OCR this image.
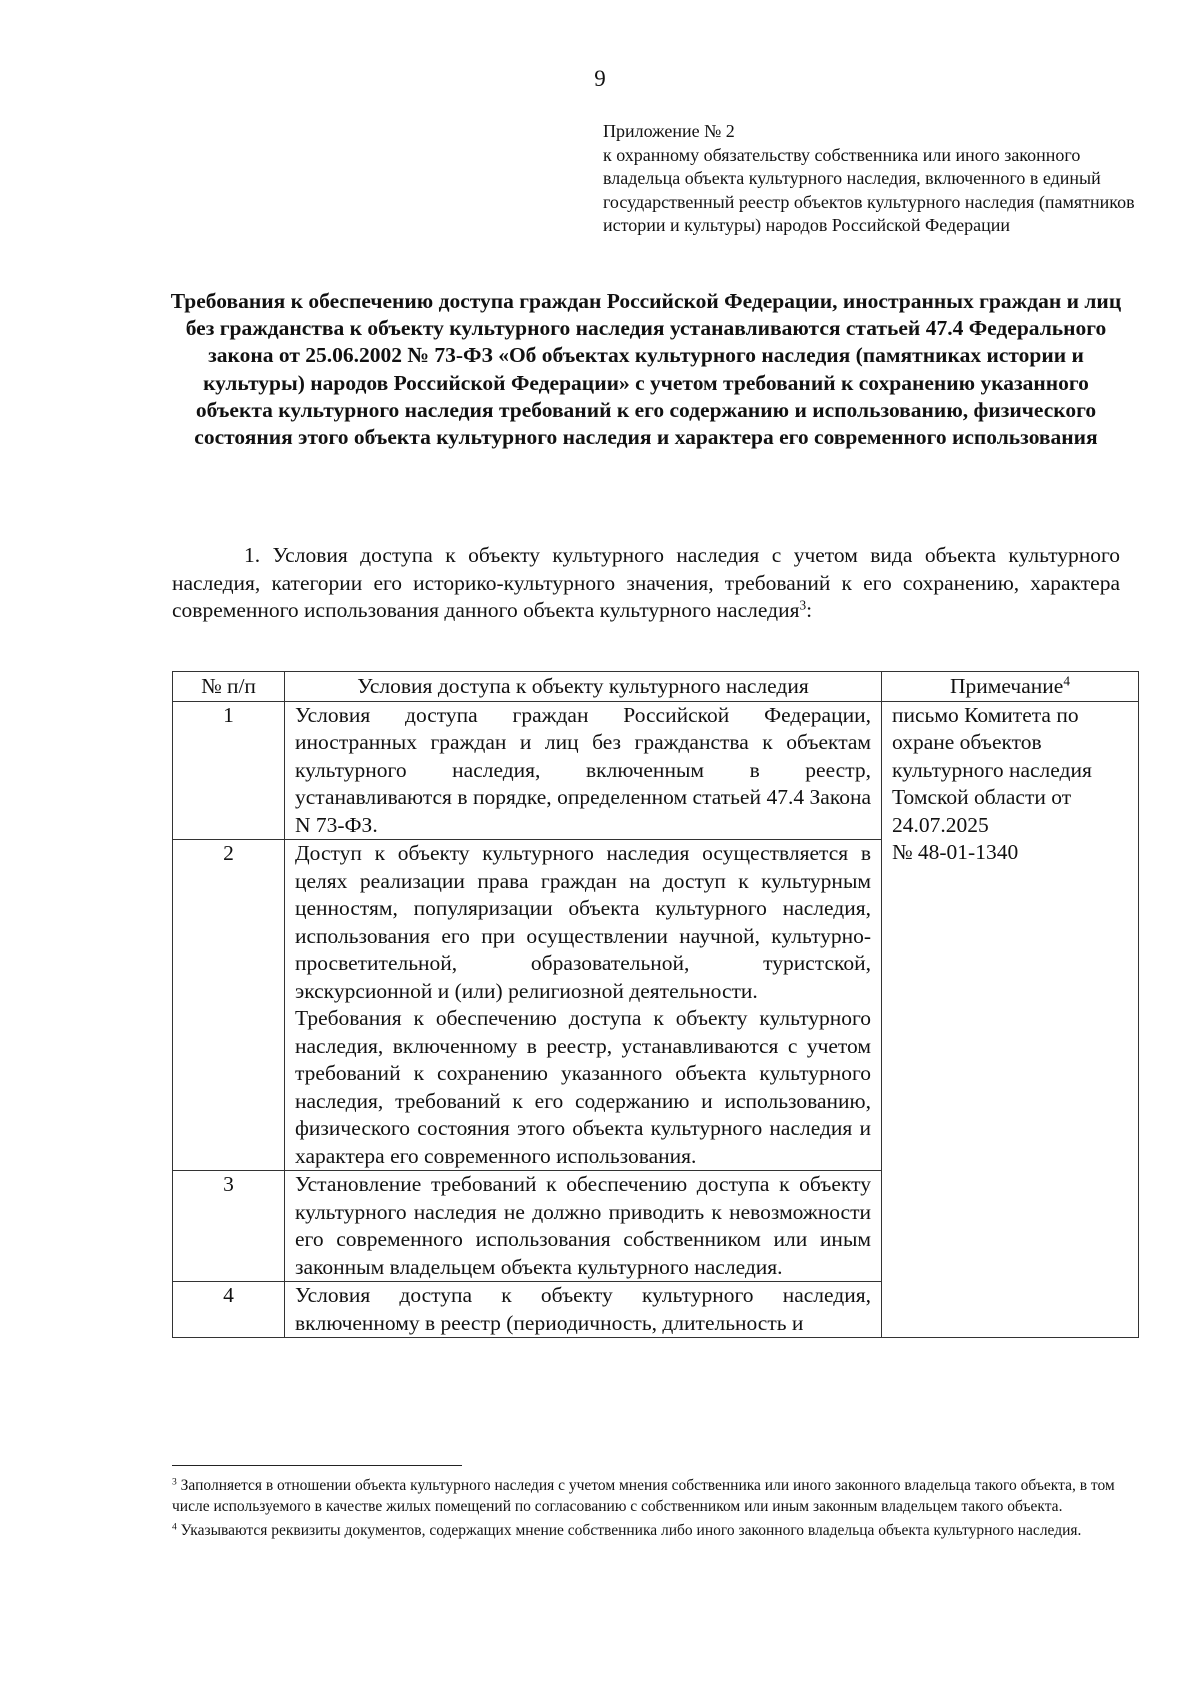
9
Приложение № 2
к охранному обязательству собственника или иного законного владельца объекта культурного наследия, включенного в единый государственный реестр объектов культурного наследия (памятников истории и культуры) народов Российской Федерации
Требования к обеспечению доступа граждан Российской Федерации, иностранных граждан и лиц без гражданства к объекту культурного наследия устанавливаются статьей 47.4 Федерального закона от 25.06.2002 № 73-ФЗ «Об объектах культурного наследия (памятниках истории и культуры) народов Российской Федерации» с учетом требований к сохранению указанного объекта культурного наследия требований к его содержанию и использованию, физического состояния этого объекта культурного наследия и характера его современного использования
1. Условия доступа к объекту культурного наследия с учетом вида объекта культурного наследия, категории его историко-культурного значения, требований к его сохранению, характера современного использования данного объекта культурного наследия$^3$:
№ п/п	Условия доступа к объекту культурного наследия	Примечание$^4$
1	Условия доступа граждан Российской Федерации, иностранных граждан и лиц без гражданства к объектам культурного наследия, включенным в реестр, устанавливаются в порядке, определенном статьей 47.4 Закона N 73-ФЗ.	письмо Комитета по охране объектов культурного наследия Томской области от 24.07.2025
№ 48-01-1340

2	Доступ к объекту культурного наследия осуществляется в целях реализации права граждан на доступ к культурным ценностям, популяризации объекта культурного наследия, использования его при осуществлении научной, культурно-просветительной, образовательной, туристской, экскурсионной и (или) религиозной деятельности.
Требования к обеспечению доступа к объекту культурного наследия, включенному в реестр, устанавливаются с учетом требований к сохранению указанного объекта культурного наследия, требований к его содержанию и использованию, физического состояния этого объекта культурного наследия и характера его современного использования.	

3	Установление требований к обеспечению доступа к объекту культурного наследия не должно приводить к невозможности его современного использования собственником или иным законным владельцем объекта культурного наследия.	
4	Условия доступа к объекту культурного наследия, включенному в реестр (периодичность, длительность и	

$^3$ Заполняется в отношении объекта культурного наследия с учетом мнения собственника или иного законного владельца такого объекта, в том числе используемого в качестве жилых помещений по согласованию с собственником или иным законным владельцем такого объекта.

$^4$ Указываются реквизиты документов, содержащих мнение собственника либо иного законного владельца объекта культурного наследия.
